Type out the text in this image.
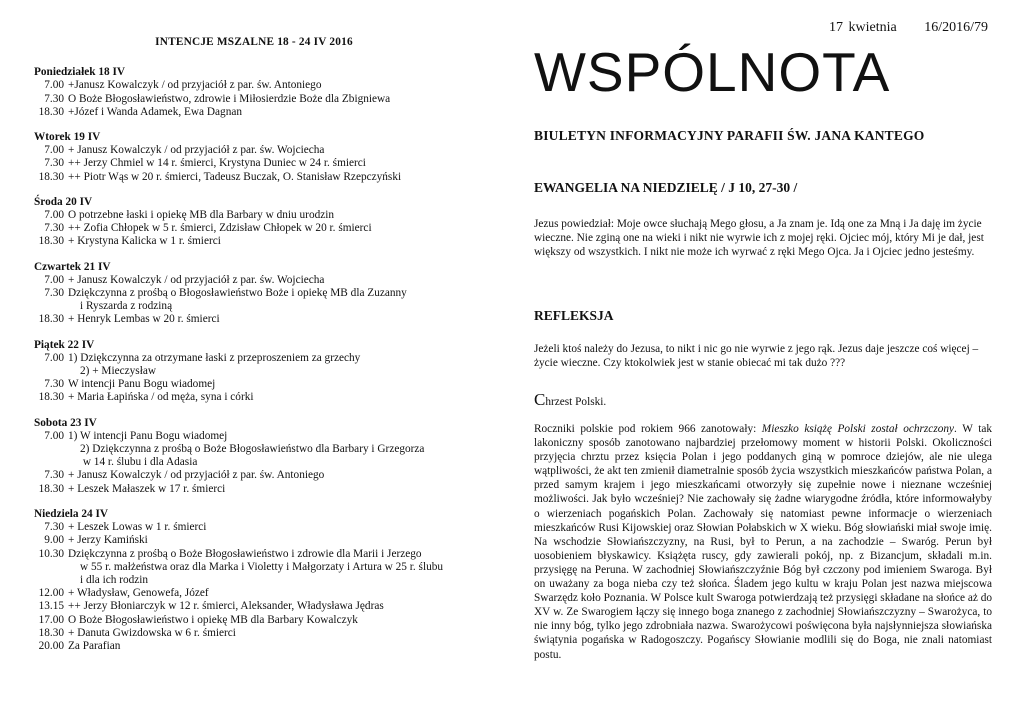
INTENCJE MSZALNE 18 - 24 IV 2016
Poniedziałek 18 IV
7.00 +Janusz Kowalczyk / od przyjaciół z par. św. Antoniego
7.30 O Boże Błogosławieństwo, zdrowie i Miłosierdzie Boże dla Zbigniewa
18.30 +Józef i Wanda Adamek, Ewa Dagnan
Wtorek 19 IV
7.00 + Janusz Kowalczyk / od przyjaciół z par. św. Wojciecha
7.30 ++ Jerzy Chmiel w 14 r. śmierci, Krystyna Duniec w 24 r. śmierci
18.30 ++ Piotr Wąs w 20 r. śmierci, Tadeusz Buczak, O. Stanisław Rzepczyński
Środa 20 IV
7.00 O potrzebne łaski i opiekę MB dla Barbary w dniu urodzin
7.30 ++ Zofia Chłopek w 5 r. śmierci, Zdzisław Chłopek w 20 r. śmierci
18.30 + Krystyna Kalicka w 1 r. śmierci
Czwartek 21 IV
7.00 + Janusz Kowalczyk / od przyjaciół z par. św. Wojciecha
7.30 Dziękczynna z prośbą o Błogosławieństwo Boże i opiekę MB dla Zuzanny
i Ryszarda z rodziną
18.30 + Henryk Lembas w 20 r. śmierci
Piątek 22 IV
7.00 1) Dziękczynna za otrzymane łaski z przeproszeniem za grzechy
2) + Mieczysław
7.30 W intencji Panu Bogu wiadomej
18.30 + Maria Łapińska / od męża, syna i córki
Sobota 23 IV
7.00 1) W intencji Panu Bogu wiadomej
2) Dziękczynna z prośbą o Boże Błogosławieństwo dla Barbary i Grzegorza
w 14 r. ślubu i dla Adasia
7.30 + Janusz Kowalczyk / od przyjaciół z par. św. Antoniego
18.30 + Leszek Małaszek w 17 r. śmierci
Niedziela 24 IV
7.30 + Leszek Lowas w 1 r. śmierci
9.00 + Jerzy Kamiński
10.30 Dziękczynna z prośbą o Boże Błogosławieństwo i zdrowie dla Marii i Jerzego
w 55 r. małżeństwa oraz dla Marka i Violetty i Małgorzaty i Artura w 25 r. ślubu
i dla ich rodzin
12.00 + Władysław, Genowefa, Józef
13.15 ++ Jerzy Błoniarczyk w 12 r. śmierci, Aleksander, Władysława Jędras
17.00 O Boże Błogosławieństwo i opiekę MB dla Barbary Kowalczyk
18.30 + Danuta Gwizdowska w 6 r. śmierci
20.00 Za Parafian
17 kwietnia 16/2016/79
WSPÓLNOTA
BIULETYN INFORMACYJNY PARAFII ŚW. JANA KANTEGO
EWANGELIA NA NIEDZIELĘ / J 10, 27-30 /
Jezus powiedział: Moje owce słuchają Mego głosu, a Ja znam je. Idą one za Mną i Ja daję im życie wieczne. Nie zginą one na wieki i nikt nie wyrwie ich z mojej ręki. Ojciec mój, który Mi je dał, jest większy od wszystkich. I nikt nie może ich wyrwać z ręki Mego Ojca. Ja i Ojciec jedno jesteśmy.
REFLEKSJA
Jeżeli ktoś należy do Jezusa, to nikt i nic go nie wyrwie z jego rąk. Jezus daje jeszcze coś więcej – życie wieczne. Czy ktokolwiek jest w stanie obiecać mi tak dużo ???
Chrzest Polski.
Roczniki polskie pod rokiem 966 zanotowały: Mieszko książę Polski został ochrzczony. W tak lakoniczny sposób zanotowano najbardziej przełomowy moment w historii Polski. Okoliczności przyjęcia chrztu przez księcia Polan i jego poddanych giną w pomroce dziejów, ale nie ulega wątpliwości, że akt ten zmienił diametralnie sposób życia wszystkich mieszkańców państwa Polan, a przed samym krajem i jego mieszkańcami otworzyły się zupełnie nowe i nieznane wcześniej możliwości. Jak było wcześniej? Nie zachowały się żadne wiarygodne źródła, które informowałyby o wierzeniach pogańskich Polan. Zachowały się natomiast pewne informacje o wierzeniach mieszkańców Rusi Kijowskiej oraz Słowian Połabskich w X wieku. Bóg słowiański miał swoje imię. Na wschodzie Słowiańszczyzny, na Rusi, był to Perun, a na zachodzie – Swaróg. Perun był uosobieniem błyskawicy. Książęta ruscy, gdy zawierali pokój, np. z Bizancjum, składali m.in. przysięgę na Peruna. W zachodniej Słowiańszczyźnie Bóg był czczony pod imieniem Swaroga. Był on uważany za boga nieba czy też słońca. Śladem jego kultu w kraju Polan jest nazwa miejscowa Swarzędz koło Poznania. W Polsce kult Swaroga potwierdzają też przysięgi składane na słońce aż do XV w. Ze Swarogiem łączy się innego boga znanego z zachodniej Słowiańszczyzny – Swarożyca, to nie inny bóg, tylko jego zdrobniała nazwa. Swarożycowi poświęcona była najsłynniejsza słowiańska świątynia pogańska w Radogoszczy. Pogańscy Słowianie modlili się do Boga, nie znali natomiast postu.
